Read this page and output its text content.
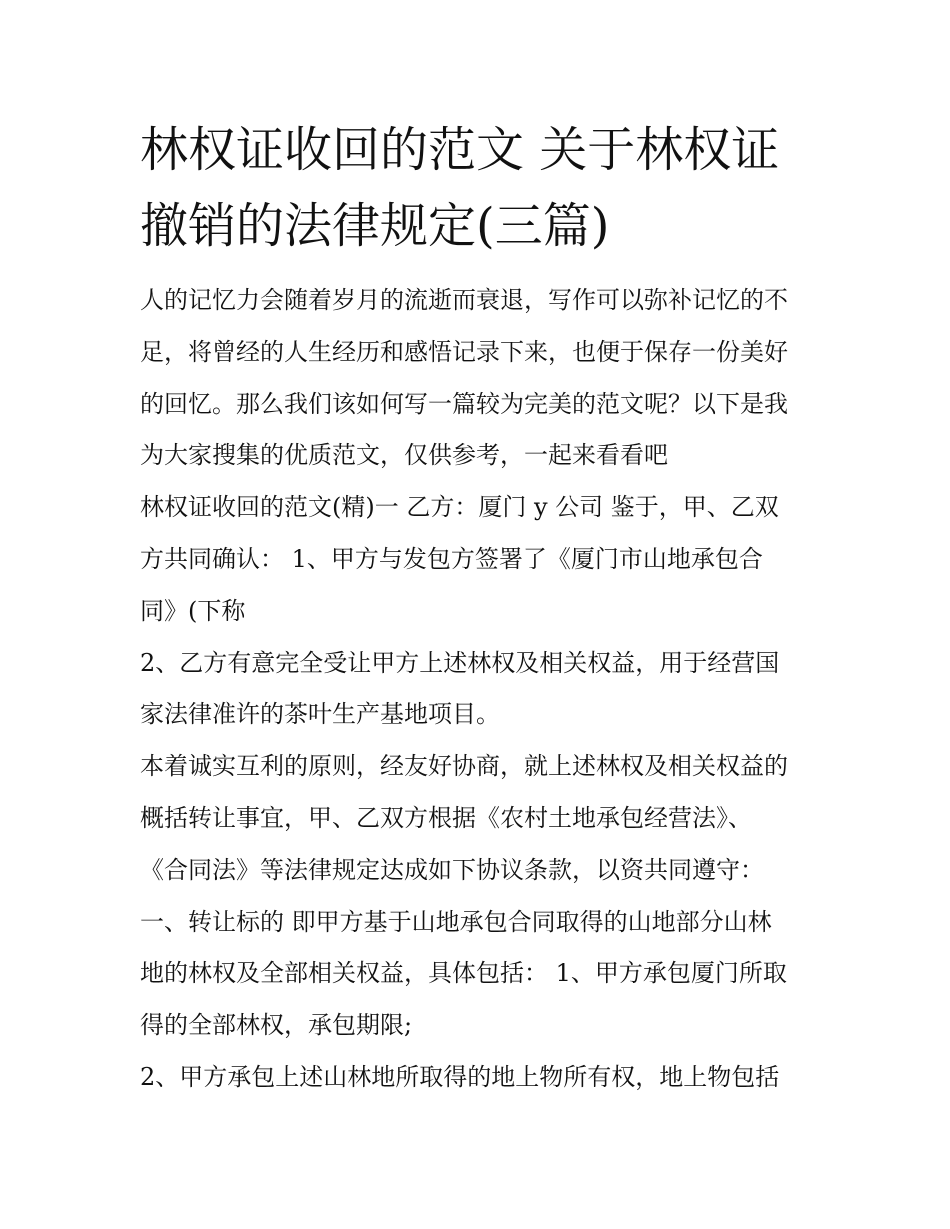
林权证收回的范文 关于林权证
撤销的法律规定(三篇)
人的记忆力会随着岁月的流逝而衰退，写作可以弥补记忆的不
足，将曾经的人生经历和感悟记录下来，也便于保存一份美好
的回忆。那么我们该如何写一篇较为完美的范文呢？以下是我
为大家搜集的优质范文，仅供参考，一起来看看吧
林权证收回的范文(精)一 乙方：厦门 y 公司 鉴于，甲、乙双
方共同确认： 1、甲方与发包方签署了《厦门市山地承包合
同》(下称
2、乙方有意完全受让甲方上述林权及相关权益，用于经营国
家法律准许的茶叶生产基地项目。
本着诚实互利的原则，经友好协商，就上述林权及相关权益的
概括转让事宜，甲、乙双方根据《农村土地承包经营法》、
《合同法》等法律规定达成如下协议条款，以资共同遵守：
一、转让标的 即甲方基于山地承包合同取得的山地部分山林
地的林权及全部相关权益，具体包括： 1、甲方承包厦门所取
得的全部林权，承包期限;
2、甲方承包上述山林地所取得的地上物所有权，地上物包括
